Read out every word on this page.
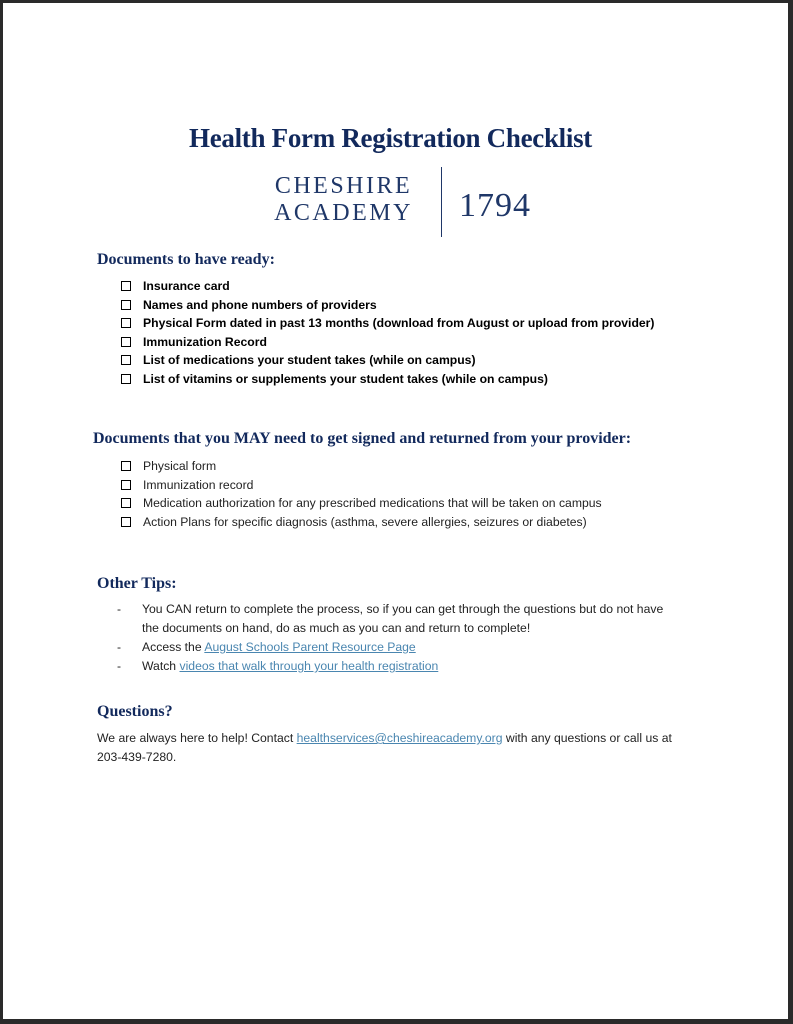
Health Form Registration Checklist
CHESHIRE
ACADEMY	1794
Documents to have ready:
Insurance card
Names and phone numbers of providers
Physical Form dated in past 13 months (download from August or upload from provider)
Immunization Record
List of medications your student takes (while on campus)
List of vitamins or supplements your student takes (while on campus)
Documents that you MAY need to get signed and returned from your provider:
Physical form
Immunization record
Medication authorization for any prescribed medications that will be taken on campus
Action Plans for specific diagnosis (asthma, severe allergies, seizures or diabetes)
Other Tips:
- You CAN return to complete the process, so if you can get through the questions but do not have the documents on hand, do as much as you can and return to complete!
- Access the August Schools Parent Resource Page
- Watch videos that walk through your health registration
Questions?

We are always here to help! Contact healthservices@cheshireacademy.org with any questions or call us at 203-439-7280.
